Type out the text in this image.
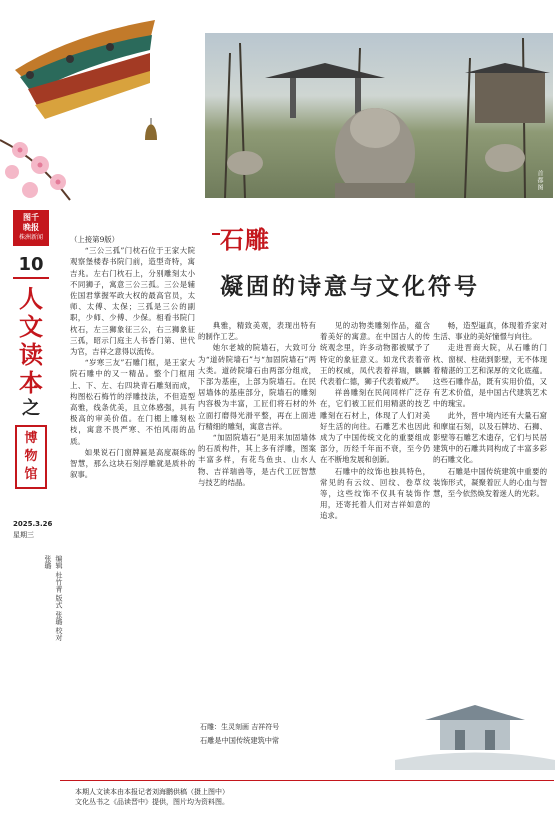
首都图
图千
晚报
株洲新闻
10
人
文
读
本
之
博
物
馆
2025.3.26
星期三
编辑 杜竹青 版式 张璐 校对 张璐
石雕
凝固的诗意与文化符号

（上接第9版）

“三公三孤”门枕石位于王家大院观察堡楼春书院门前，造型奇特，寓吉兆。左右门枕石上，分别雕刻太小不同狮子，寓意三公三孤。三公是辅佐国君掌握军政大权的最高官员，太师、太傅、太保；三孤是三公的副职，少师、少傅、少保。相看书院门枕石，左三狮象征三公，右三狮象征三孤，昭示门庭主人书香门第、世代为官，吉祥之意得以流传。

“岁寒三友”石雕门框，是王家大院石雕中的又一精品。整个门框用上、下、左、右四块青石雕刻而成，构图松石梅竹的浮雕技法，不但造型高雅，线条优美，且立体感强，具有极高的审美价值。在门楣上雕刻松枝，寓意不畏严寒、不怕风雨的品质。

如果说石门窗牌匾是高度凝练的智慧，那么这块石刻浮雕就是质朴的叙事。

典雅，精致美观，表现出特有的制作工艺。

她尔老城的院墙石，大致可分为“道砖院墙石”与“加固院墙石”两大类。道砖院墙石由两部分组成，下部为基座，上部为院墙石。在民居墙体的基座部分，院墙石的雕刻内容极为丰富，工匠们将石材的外立面打磨得光滑平整，再在上面进行精细的雕刻，寓意吉祥。

“加固院墙石”是用来加固墙体的石质构件，其上多有浮雕，图案丰富多样，有花鸟鱼虫、山水人物、吉祥瑞兽等，是古代工匠智慧与技艺的结晶。

见的动物类雕刻作品，蕴含着美好的寓意。在中国古人的传统观念里，许多动物都被赋予了特定的象征意义。如龙代表着帝王的权威，凤代表着祥瑞，麒麟代表着仁德，狮子代表着威严。

祥兽雕刻在民间同样广泛存在，它们被工匠们用精湛的技艺雕刻在石材上，体现了人们对美好生活的向往。石雕艺术也因此成为了中国传统文化的重要组成部分，历经千年而不衰，至今仍在不断地发展和创新。

石雕中的纹饰也独具特色，常见的有云纹、回纹、卷草纹等，这些纹饰不仅具有装饰作用，还寄托着人们对吉祥如意的追求。

畅，造型逼真，体现着乔家对生活、事业的美好憧憬与向往。

走进晋商大院，从石雕的门枕、窗棂、柱础到影壁，无不体现着精湛的工艺和深厚的文化底蕴。这些石雕作品，既有实用价值，又有艺术价值，是中国古代建筑艺术中的瑰宝。

此外，晋中境内还有大量石窟和摩崖石刻，以及石牌坊、石狮、影壁等石雕艺术遗存，它们与民居建筑中的石雕共同构成了丰富多彩的石雕文化。

石雕是中国传统建筑中重要的装饰形式，凝聚着匠人的心血与智慧，至今依然焕发着迷人的光彩。

石雕：生灵刻画 吉祥符号
石雕是中国传统建筑中常
本期人文读本由本报记者刘海鹏供稿（摄上图中）
文化丛书之《品读晋中》提供，图片均为资料图。
